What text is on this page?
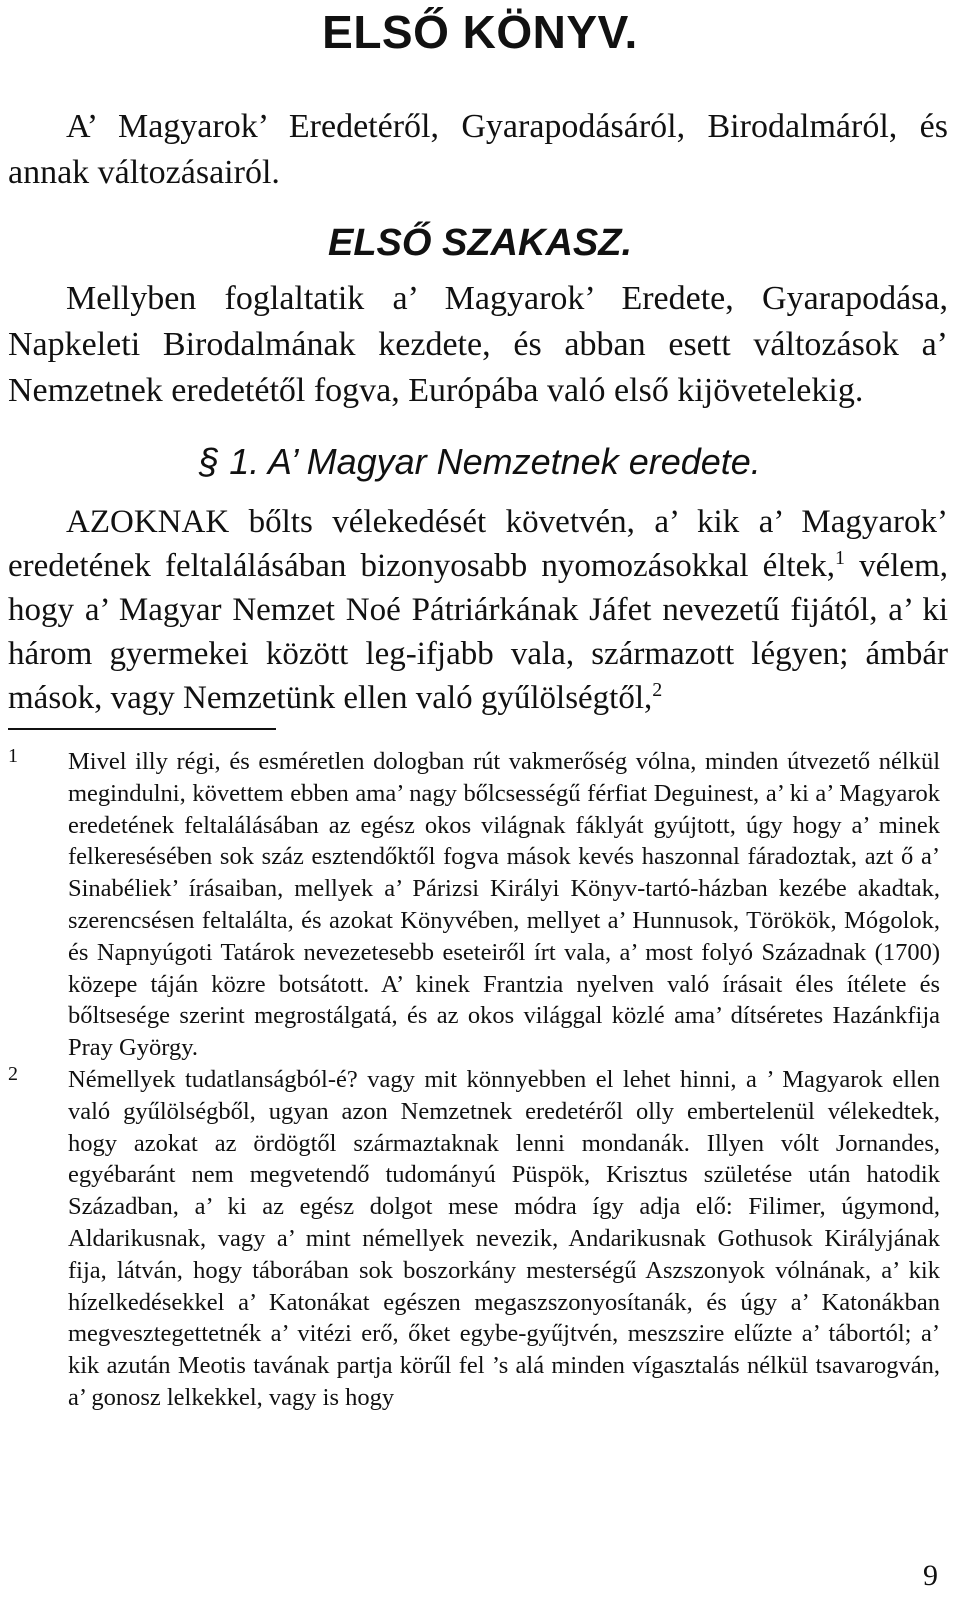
ELSŐ KÖNYV.
A’ Magyarok’ Eredetéről, Gyarapodásáról, Birodalmáról, és annak változásairól.
ELSŐ SZAKASZ.
Mellyben foglaltatik a’ Magyarok’ Eredete, Gyarapodása, Napkeleti Birodalmának kezdete, és abban esett változások a’ Nemzetnek eredetétől fogva, Európába való első kijövetelekig.
§ 1. A’ Magyar Nemzetnek eredete.
AZOKNAK bőlts vélekedését követvén, a’ kik a’ Magyarok’ eredetének feltalálásában bizonyosabb nyomozásokkal éltek,$^1$ vélem, hogy a’ Magyar Nemzet Noé Pátriárkának Jáfet nevezetű fijától, a’ ki három gyermekei között leg-ifjabb vala, származott légyen; ámbár mások, vagy Nemzetünk ellen való gyűlölségtől,$^2$
1 Mivel illy régi, és esméretlen dologban rút vakmerőség vólna, minden útvezető nélkül megindulni, követtem ebben ama’ nagy bőlcsességű férfiat Deguinest, a’ ki a’ Magyarok eredetének feltalálásában az egész okos világnak fáklyát gyújtott, úgy hogy a’ minek felkeresésében sok száz esztendőktől fogva mások kevés haszonnal fáradoztak, azt ő a’ Sinabéliek’ írásaiban, mellyek a’ Párizsi Királyi Könyv-tartó-házban kezébe akadtak, szerencsésen feltalálta, és azokat Könyvében, mellyet a’ Hunnusok, Törökök, Mógolok, és Napnyúgoti Tatárok nevezetesebb eseteiről írt vala, a’ most folyó Századnak (1700) közepe táján közre botsátott. A’ kinek Frantzia nyelven való írásait éles ítélete és bőltsesége szerint megrostálgatá, és az okos világgal közlé ama’ dítséretes Hazánkfija Pray György.
2 Némellyek tudatlanságból-é? vagy mit könnyebben el lehet hinni, a ’ Magyarok ellen való gyűlölségből, ugyan azon Nemzetnek eredetéről olly embertelenül vélekedtek, hogy azokat az ördögtől származtaknak lenni mondanák. Illyen vólt Jornandes, egyébaránt nem megvetendő tudományú Püspök, Krisztus születése után hatodik Században, a’ ki az egész dolgot mese módra így adja elő: Filimer, úgymond, Aldarikusnak, vagy a’ mint némellyek nevezik, Andarikusnak Gothusok Királyjának fija, látván, hogy táborában sok boszorkány mesterségű Aszszonyok vólnának, a’ kik hízelkedésekkel a’ Katonákat egészen megaszszonyosítanák, és úgy a’ Katonákban megvesztegettetnék a’ vitézi erő, őket egybe-gyűjtvén, meszszire elűzte a’ tábortól; a’ kik azután Meotis tavának partja körűl fel ’s alá minden vígasztalás nélkül tsavarogván, a’ gonosz lelkekkel, vagy is hogy
9
